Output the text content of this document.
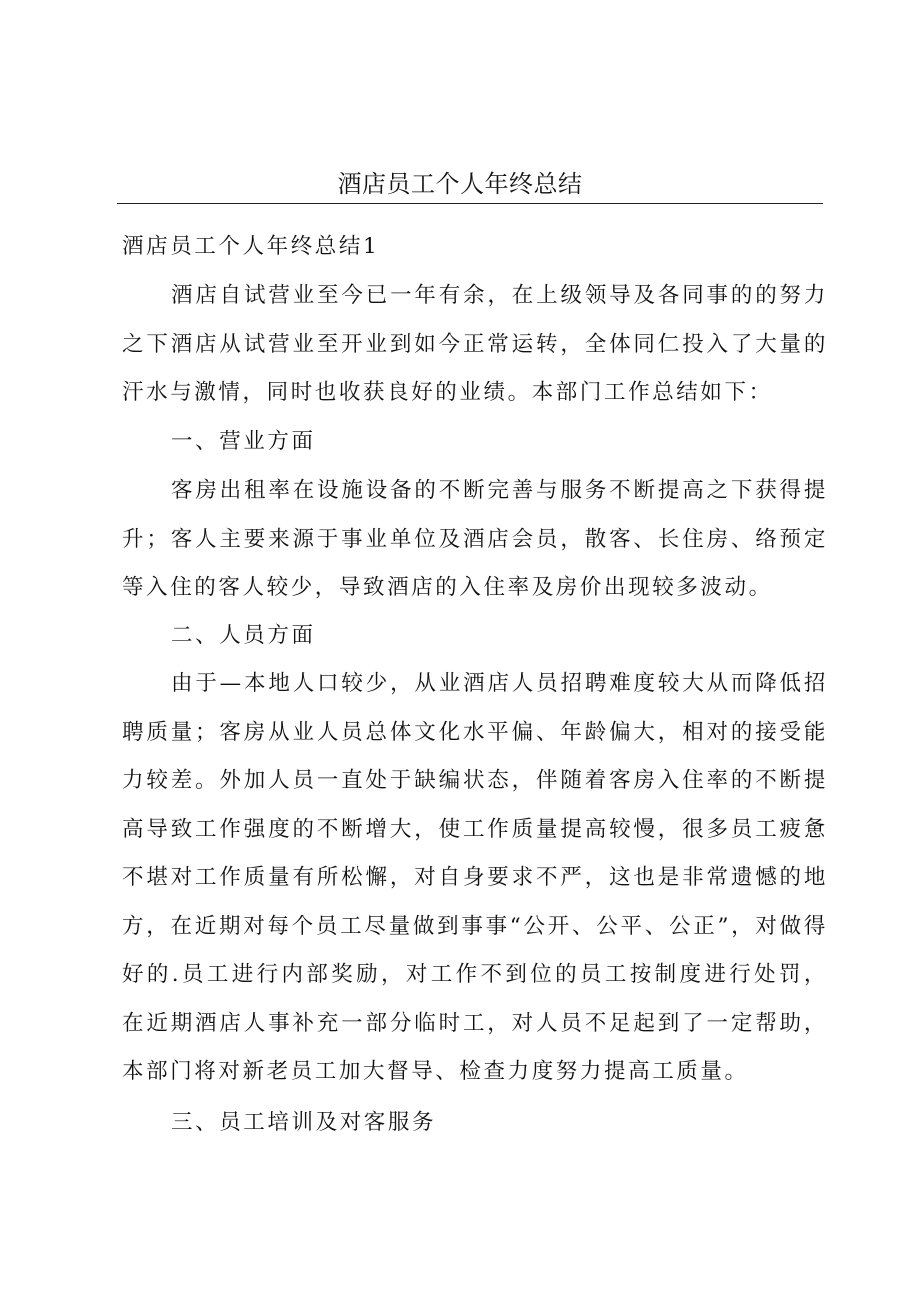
酒店员工个人年终总结
酒店员工个人年终总结1
酒店自试营业至今已一年有余，在上级领导及各同事的的努力之下酒店从试营业至开业到如今正常运转，全体同仁投入了大量的汗水与激情，同时也收获良好的业绩。本部门工作总结如下：
一、营业方面
客房出租率在设施设备的不断完善与服务不断提高之下获得提升；客人主要来源于事业单位及酒店会员，散客、长住房、络预定等入住的客人较少，导致酒店的入住率及房价出现较多波动。
二、人员方面
由于—本地人口较少，从业酒店人员招聘难度较大从而降低招聘质量；客房从业人员总体文化水平偏、年龄偏大，相对的接受能力较差。外加人员一直处于缺编状态，伴随着客房入住率的不断提高导致工作强度的不断增大，使工作质量提高较慢，很多员工疲惫不堪对工作质量有所松懈，对自身要求不严，这也是非常遗憾的地方，在近期对每个员工尽量做到事事“公开、公平、公正”，对做得好的.员工进行内部奖励，对工作不到位的员工按制度进行处罚，在近期酒店人事补充一部分临时工，对人员不足起到了一定帮助，本部门将对新老员工加大督导、检查力度努力提高工质量。
三、员工培训及对客服务
